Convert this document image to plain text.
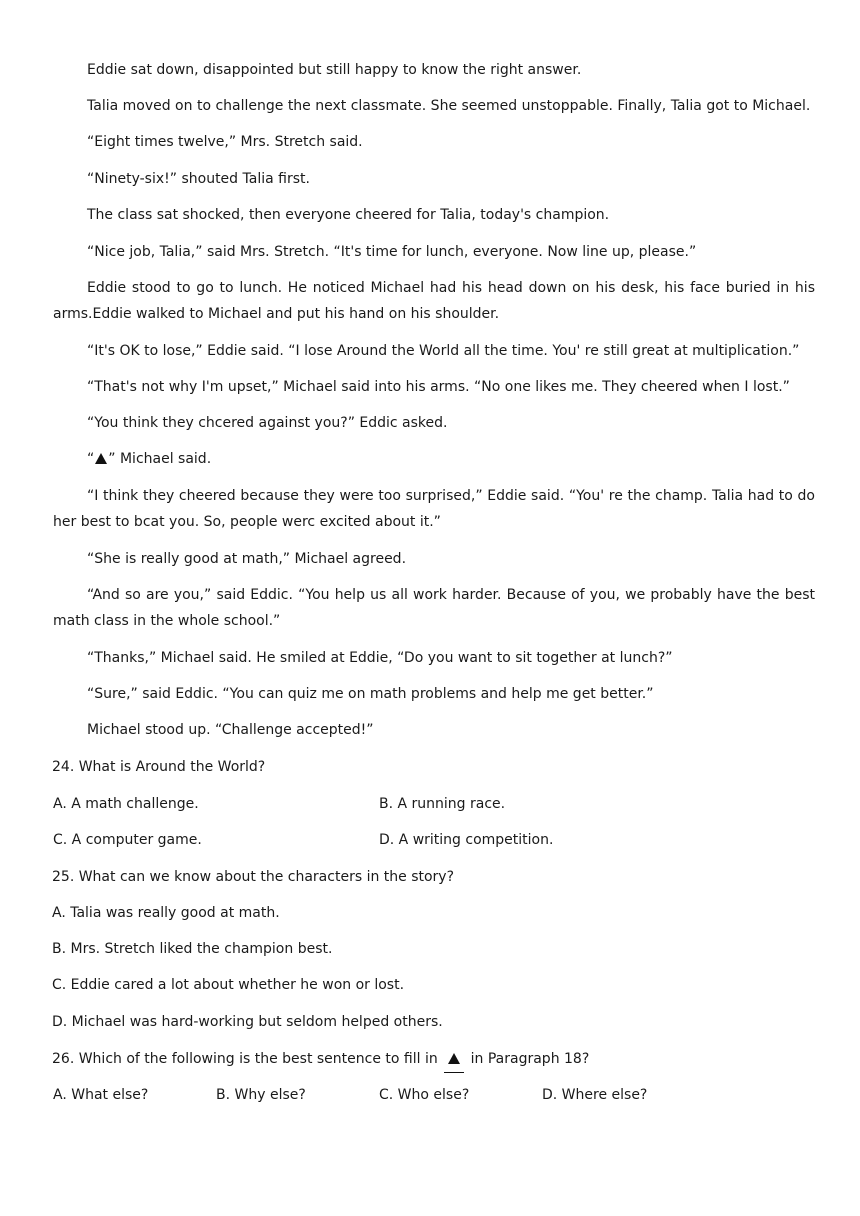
Eddie sat down, disappointed but still happy to know the right answer.
Talia moved on to challenge the next classmate. She seemed unstoppable. Finally, Talia got to Michael.
“Eight times twelve,” Mrs. Stretch said.
“Ninety-six!” shouted Talia first.
The class sat shocked, then everyone cheered for Talia, today's champion.
“Nice job, Talia,” said Mrs. Stretch. “It's time for lunch, everyone. Now line up, please.”
Eddie stood to go to lunch. He noticed Michael had his head down on his desk, his face buried in his arms.Eddie walked to Michael and put his hand on his shoulder.
“It's OK to lose,” Eddie said. “I lose Around the World all the time. You' re still great at multiplication.”
“That's not why I'm upset,” Michael said into his arms. “No one likes me. They cheered when I lost.”
“You think they chcered against you?” Eddic asked.
“ ” Michael said.
“I think they cheered because they were too surprised,” Eddie said. “You' re the champ. Talia had to do her best to bcat you. So, people werc excited about it.”
“She is really good at math,” Michael agreed.
“And so are you,” said Eddic. “You help us all work harder. Because of you, we probably have the best math class in the whole school.”
“Thanks,” Michael said. He smiled at Eddie, “Do you want to sit together at lunch?”
“Sure,” said Eddic. “You can quiz me on math problems and help me get better.”
Michael stood up. “Challenge accepted!”
24. What is Around the World?
A. A math challenge.	B. A running race.
C. A computer game.	D. A writing competition.
25. What can we know about the characters in the story?
A. Talia was really good at math.
B. Mrs. Stretch liked the champion best.
C. Eddie cared a lot about whether he won or lost.
D. Michael was hard-working but seldom helped others.
26. Which of the following is the best sentence to fill in in Paragraph 18?
A. What else?	B. Why else?	C. Who else?	D. Where else?
